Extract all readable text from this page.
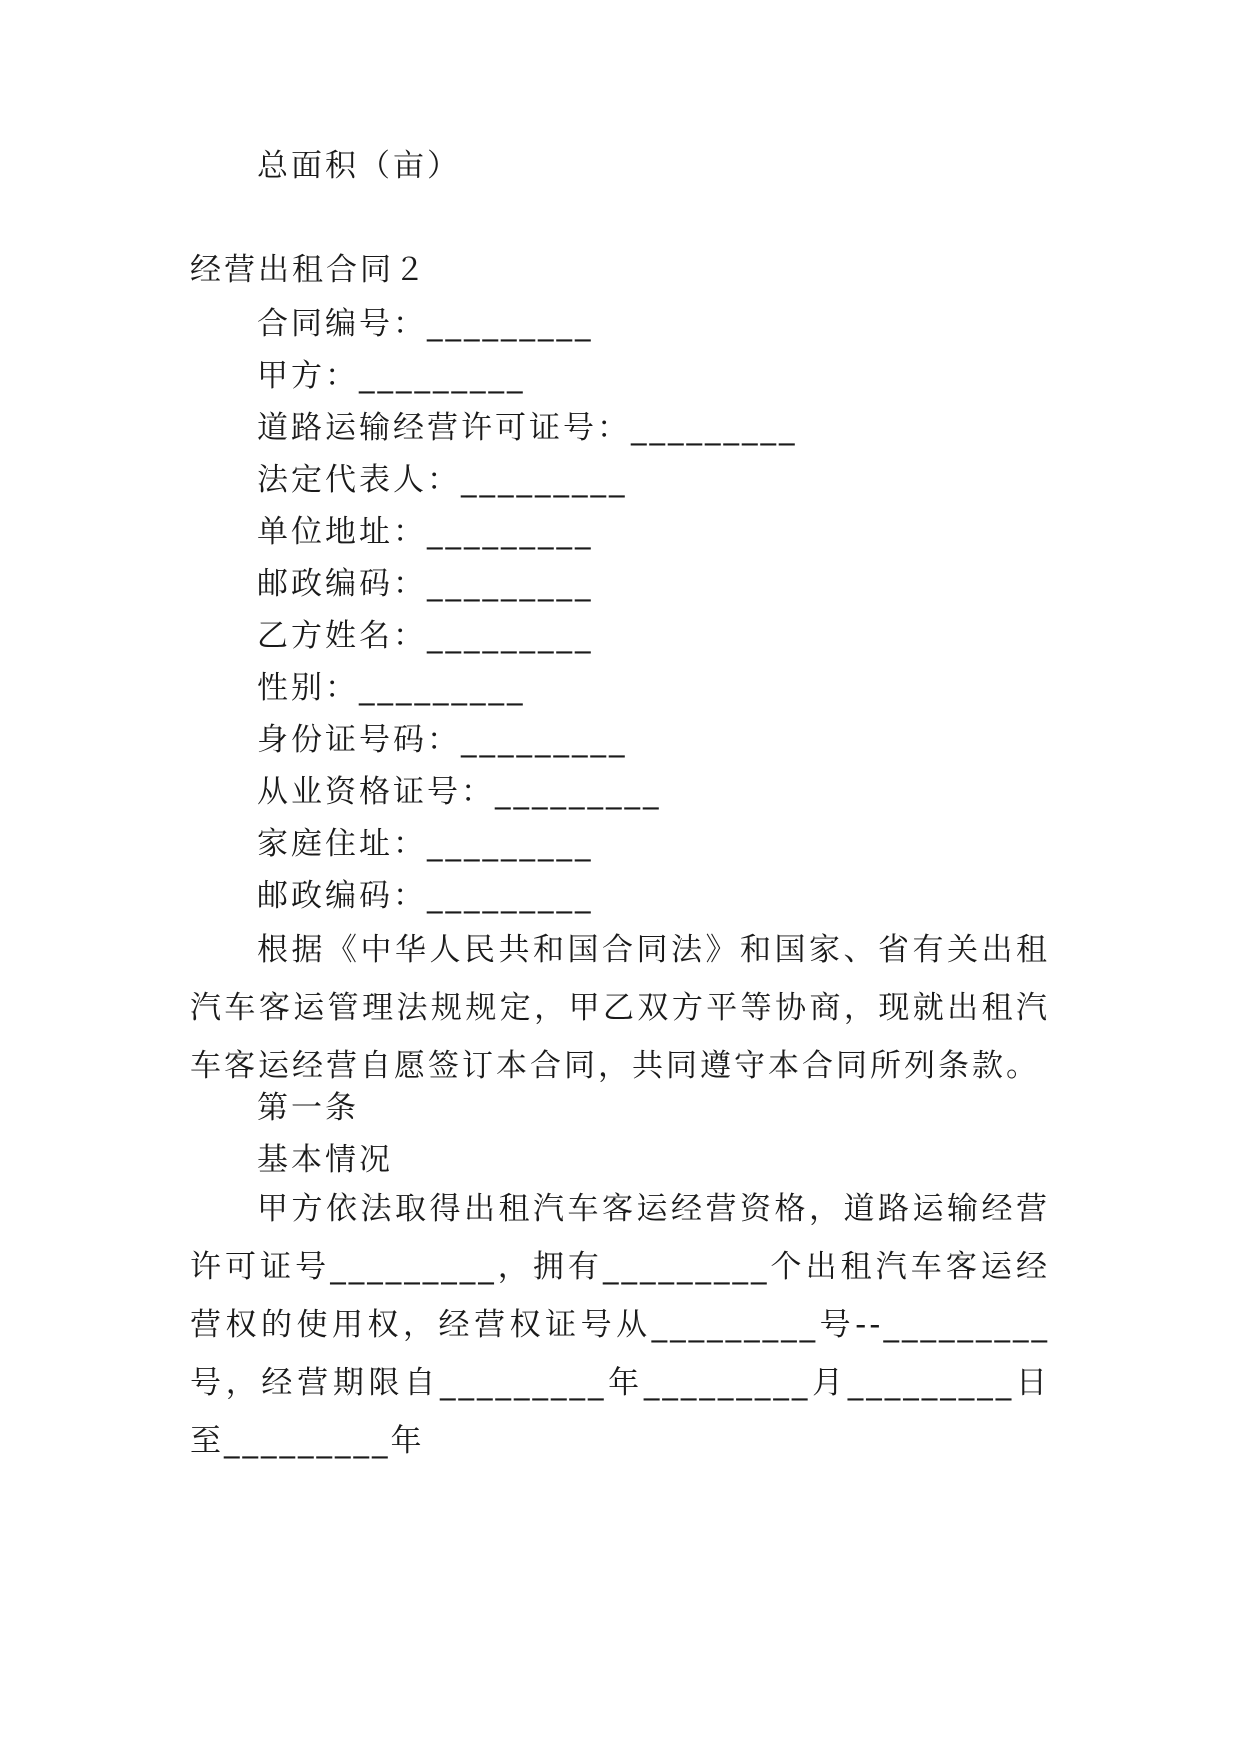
总面积（亩）
经营出租合同２
合同编号：_________
甲方：_________
道路运输经营许可证号：_________
法定代表人：_________
单位地址：_________
邮政编码：_________
乙方姓名：_________
性别：_________
身份证号码：_________
从业资格证号：_________
家庭住址：_________
邮政编码：_________
根据《中华人民共和国合同法》和国家、省有关出租汽车客运管理法规规定，甲乙双方平等协商，现就出租汽车客运经营自愿签订本合同，共同遵守本合同所列条款。
第一条
基本情况
甲方依法取得出租汽车客运经营资格，道路运输经营许可证号_________，拥有_________个出租汽车客运经营权的使用权，经营权证号从_________号--_________号，经营期限自_________年_________月_________日至_________年
